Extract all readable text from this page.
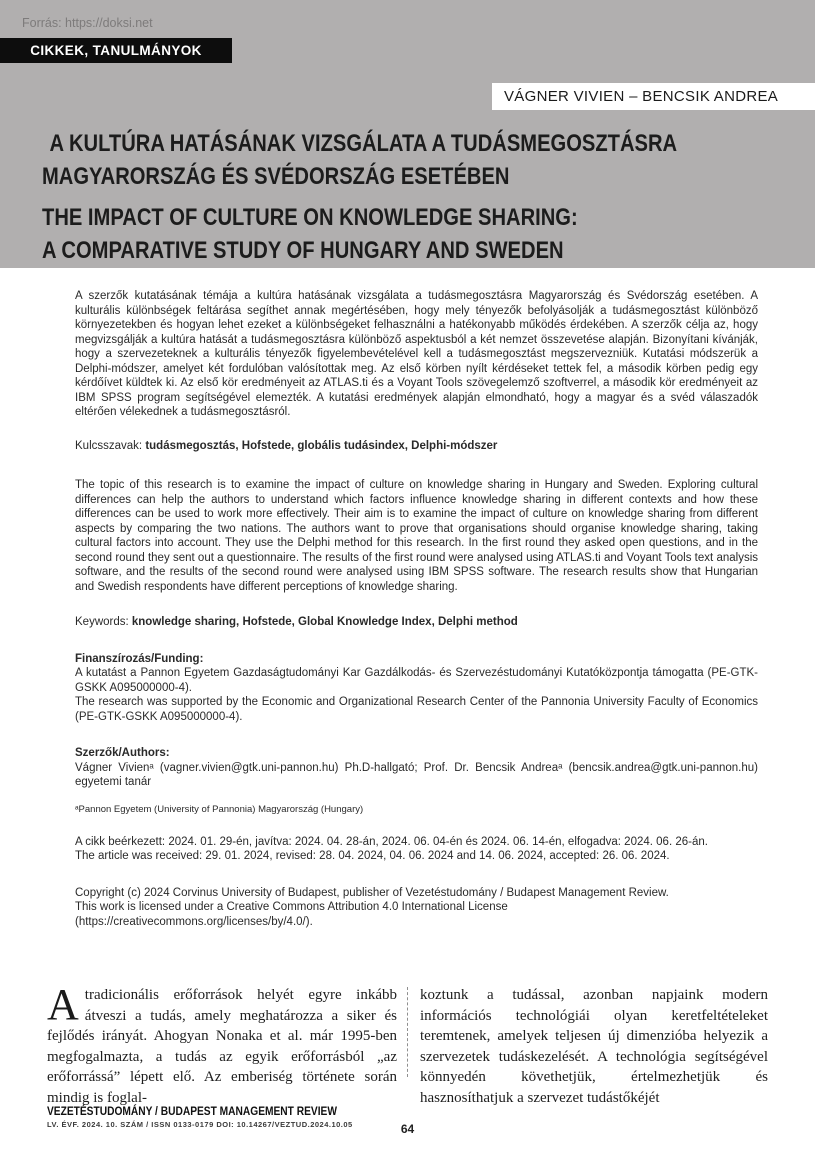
Forrás: https://doksi.net
CIKKEK, TANULMÁNYOK
VÁGNER VIVIEN – BENCSIK ANDREA
A KULTÚRA HATÁSÁNAK VIZSGÁLATA A TUDÁSMEGOSZTÁSRA
MAGYARORSZÁG ÉS SVÉDORSZÁG ESETÉBEN
THE IMPACT OF CULTURE ON KNOWLEDGE SHARING:
A COMPARATIVE STUDY OF HUNGARY AND SWEDEN

A szerzők kutatásának témája a kultúra hatásának vizsgálata a tudásmegosztásra Magyarország és Svédország esetében. A kulturális különbségek feltárása segíthet annak megértésében, hogy mely tényezők befolyásolják a tudásmegosztást különböző környezetekben és hogyan lehet ezeket a különbségeket felhasználni a hatékonyabb működés érdekében. A szerzők célja az, hogy megvizsgálják a kultúra hatását a tudásmegosztásra különböző aspektusból a két nemzet összevetése alapján. Bizonyítani kívánják, hogy a szervezeteknek a kulturális tényezők figyelembevételével kell a tudásmegosztást megszervezniük. Kutatási módszerük a Delphi-módszer, amelyet két fordulóban valósítottak meg. Az első körben nyílt kérdéseket tettek fel, a második körben pedig egy kérdőívet küldtek ki. Az első kör eredményeit az ATLAS.ti és a Voyant Tools szövegelemző szoftverrel, a második kör eredményeit az IBM SPSS program segítségével elemezték. A kutatási eredmények alapján elmondható, hogy a magyar és a svéd válaszadók eltérően vélekednek a tudásmegosztásról.

Kulcsszavak: tudásmegosztás, Hofstede, globális tudásindex, Delphi-módszer

The topic of this research is to examine the impact of culture on knowledge sharing in Hungary and Sweden. Exploring cultural differences can help the authors to understand which factors influence knowledge sharing in different contexts and how these differences can be used to work more effectively. Their aim is to examine the impact of culture on knowledge sharing from different aspects by comparing the two nations. The authors want to prove that organisations should organise knowledge sharing, taking cultural factors into account. They use the Delphi method for this research. In the first round they asked open questions, and in the second round they sent out a questionnaire. The results of the first round were analysed using ATLAS.ti and Voyant Tools text analysis software, and the results of the second round were analysed using IBM SPSS software. The research results show that Hungarian and Swedish respondents have different perceptions of knowledge sharing.

Keywords: knowledge sharing, Hofstede, Global Knowledge Index, Delphi method

Finanszírozás/Funding:

A kutatást a Pannon Egyetem Gazdaságtudományi Kar Gazdálkodás- és Szervezéstudományi Kutatóközpontja támogatta (PE-GTK-GSKK A095000000-4).

The research was supported by the Economic and Organizational Research Center of the Pannonia University Faculty of Economics (PE-GTK-GSKK A095000000-4).

Szerzők/Authors:

Vágner Vivienᵃ (vagner.vivien@gtk.uni-pannon.hu) Ph.D-hallgató; Prof. Dr. Bencsik Andreaᵃ (bencsik.andrea@gtk.uni-pannon.hu) egyetemi tanár

ᵃPannon Egyetem (University of Pannonia) Magyarország (Hungary)

A cikk beérkezett: 2024. 01. 29-én, javítva: 2024. 04. 28-án, 2024. 06. 04-én és 2024. 06. 14-én, elfogadva: 2024. 06. 26-án.

The article was received: 29. 01. 2024, revised: 28. 04. 2024, 04. 06. 2024 and 14. 06. 2024, accepted: 26. 06. 2024.

Copyright (c) 2024 Corvinus University of Budapest, publisher of Vezetéstudomány / Budapest Management Review.

This work is licensed under a Creative Commons Attribution 4.0 International License

(https://creativecommons.org/licenses/by/4.0/).

Atradicionális erőforrások helyét egyre inkább átveszi a tudás, amely meghatározza a siker és fejlődés irányát. Ahogyan Nonaka et al. már 1995-ben megfogalmazta, a tudás az egyik erőforrásból „az erőforrássá” lépett elő. Az emberiség története során mindig is foglal-
koztunk a tudással, azonban napjaink modern információs technológiái olyan keretfeltételeket teremtenek, amelyek teljesen új dimenzióba helyezik a szervezetek tudáskezelését. A technológia segítségével könnyedén követhetjük, értelmezhetjük és hasznosíthatjuk a szervezet tudástőkéjét
VEZETÉSTUDOMÁNY / BUDAPEST MANAGEMENT REVIEW
LV. ÉVF. 2024. 10. SZÁM / ISSN 0133-0179 DOI: 10.14267/VEZTUD.2024.10.05	64
